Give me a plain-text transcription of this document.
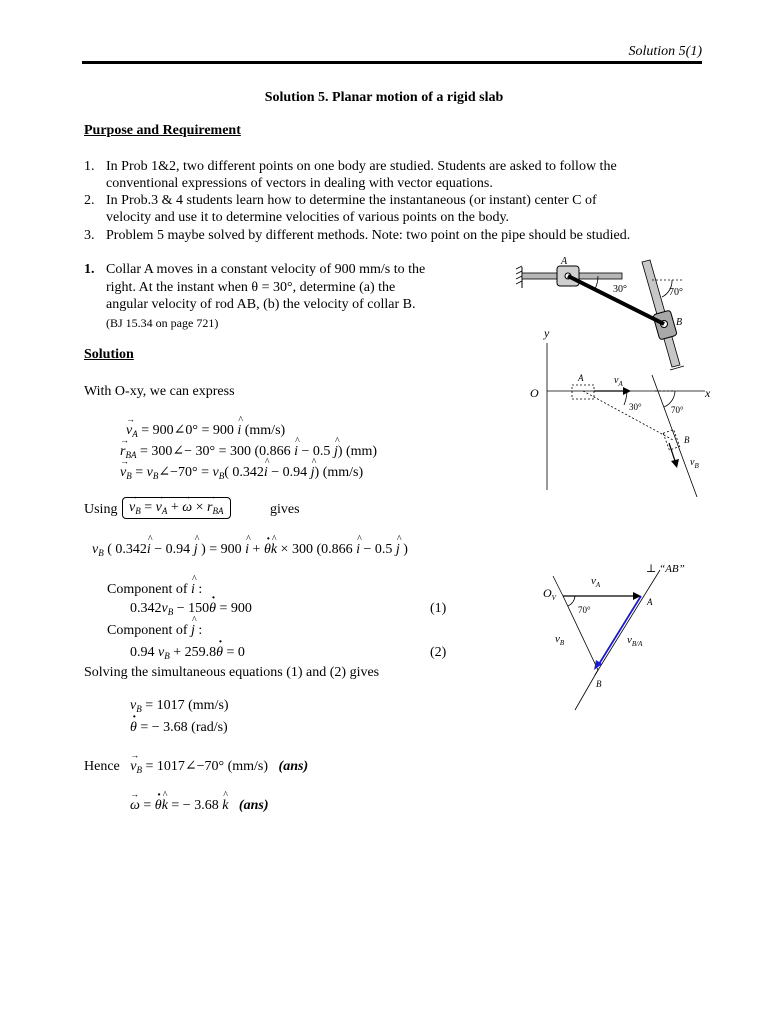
Solution 5(1)
Solution 5. Planar motion of a rigid slab
Purpose and Requirement
1. In Prob 1&2, two different points on one body are studied. Students are asked to follow the
conventional expressions of vectors in dealing with vector equations.
2. In Prob.3 & 4 students learn how to determine the instantaneous (or instant) center C of
velocity and use it to determine velocities of various points on the body.
3. Problem 5 maybe solved by different methods. Note: two point on the pipe should be studied.
1. Collar A moves in a constant velocity of 900 mm/s to the
right. At the instant when θ = 30°, determine (a) the
angular velocity of rod AB, (b) the velocity of collar B.
(BJ 15.34 on page 721)
Solution
With O-xy, we can express
→ $v_A$ = 900∠0° = 900 ^ i (mm/s)
→ $r_{BA}$ = 300∠− 30° = 300 (0.866 ^ i − 0.5 ^ j) (mm)
→ $v_B$ = $v_B\angle-70^\circ = v_B$( 0.342^ i − 0.94 ^ j) (mm/s)
Using
→ $v_B$ = → $v_A$ + → ω × → $r_{BA}$	gives
$v_B$ ( 0.342^ i − 0.94 ^ j ) = 900 ^ i + · θ^ k × 300 (0.866 ^ i − 0.5 ^ j )
Component of ^ i :
$0.342v_B - 150\cdot \theta = 900$	(1)
Component of ^ j :
0.94 $v_B + 259.8\cdot \theta = 0$	(2)
Solving the simultaneous equations (1) and (2) gives
$v_B = 1017$ (mm/s)
· θ = − 3.68 (rad/s)
Hence   → $v_B$ = 1017∠−70° (mm/s) (ans)
→ ω = · θ^ k = − 3.68 ^ k (ans)
A
30°	70°
B
y
O	x
A	$v_A$
30°	70°
B
$v_B$
⊥ “AB”
$O_V$
$v_A$
A
70°
$v_B$	$v_{B/A}$
B
